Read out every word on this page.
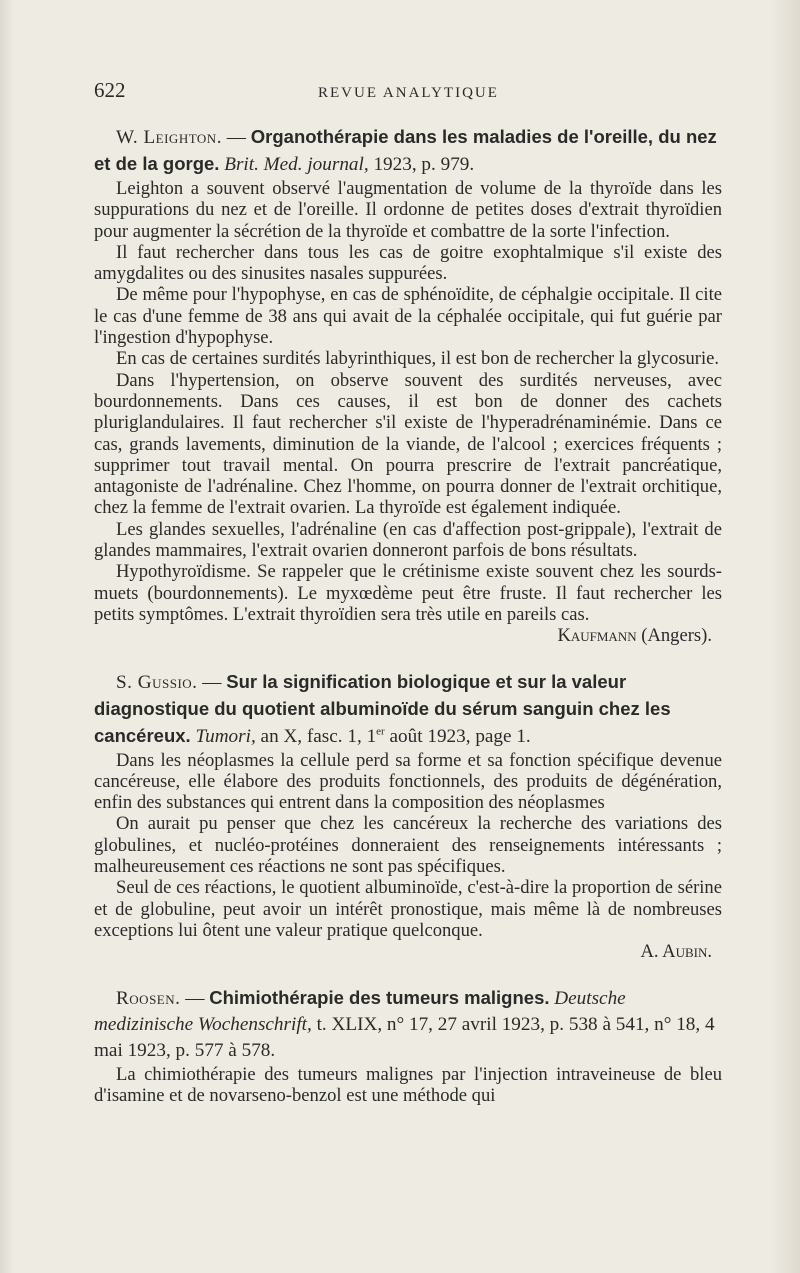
622	REVUE ANALYTIQUE

W. Leighton. — Organothérapie dans les maladies de l'oreille, du nez et de la gorge. Brit. Med. journal, 1923, p. 979.

Leighton a souvent observé l'augmentation de volume de la thyroïde dans les suppurations du nez et de l'oreille. Il ordonne de petites doses d'extrait thyroïdien pour augmenter la sécrétion de la thyroïde et combattre de la sorte l'infection.

Il faut rechercher dans tous les cas de goitre exophtalmique s'il existe des amygdalites ou des sinusites nasales suppurées.

De même pour l'hypophyse, en cas de sphénoïdite, de céphalgie occipitale. Il cite le cas d'une femme de 38 ans qui avait de la céphalée occipitale, qui fut guérie par l'ingestion d'hypophyse.

En cas de certaines surdités labyrinthiques, il est bon de rechercher la glycosurie.

Dans l'hypertension, on observe souvent des surdités nerveuses, avec bourdonnements. Dans ces causes, il est bon de donner des cachets pluriglandulaires. Il faut rechercher s'il existe de l'hyperadrénaminémie. Dans ce cas, grands lavements, diminution de la viande, de l'alcool ; exercices fréquents ; supprimer tout travail mental. On pourra prescrire de l'extrait pancréatique, antagoniste de l'adrénaline. Chez l'homme, on pourra donner de l'extrait orchitique, chez la femme de l'extrait ovarien. La thyroïde est également indiquée.

Les glandes sexuelles, l'adrénaline (en cas d'affection post-grippale), l'extrait de glandes mammaires, l'extrait ovarien donneront parfois de bons résultats.

Hypothyroïdisme. Se rappeler que le crétinisme existe souvent chez les sourds-muets (bourdonnements). Le myxœdème peut être fruste. Il faut rechercher les petits symptômes. L'extrait thyroïdien sera très utile en pareils cas.

Kaufmann (Angers).

S. Gussio. — Sur la signification biologique et sur la valeur diagnostique du quotient albuminoïde du sérum sanguin chez les cancéreux. Tumori, an X, fasc. 1, 1er août 1923, page 1.

Dans les néoplasmes la cellule perd sa forme et sa fonction spécifique devenue cancéreuse, elle élabore des produits fonctionnels, des produits de dégénération, enfin des substances qui entrent dans la composition des néoplasmes

On aurait pu penser que chez les cancéreux la recherche des variations des globulines, et nucléo-protéines donneraient des renseignements intéressants ; malheureusement ces réactions ne sont pas spécifiques.

Seul de ces réactions, le quotient albuminoïde, c'est-à-dire la proportion de sérine et de globuline, peut avoir un intérêt pronostique, mais même là de nombreuses exceptions lui ôtent une valeur pratique quelconque.

A. Aubin.

Roosen. — Chimiothérapie des tumeurs malignes. Deutsche medizinische Wochenschrift, t. XLIX, n° 17, 27 avril 1923, p. 538 à 541, n° 18, 4 mai 1923, p. 577 à 578.

La chimiothérapie des tumeurs malignes par l'injection intraveineuse de bleu d'isamine et de novarseno-benzol est une méthode qui
